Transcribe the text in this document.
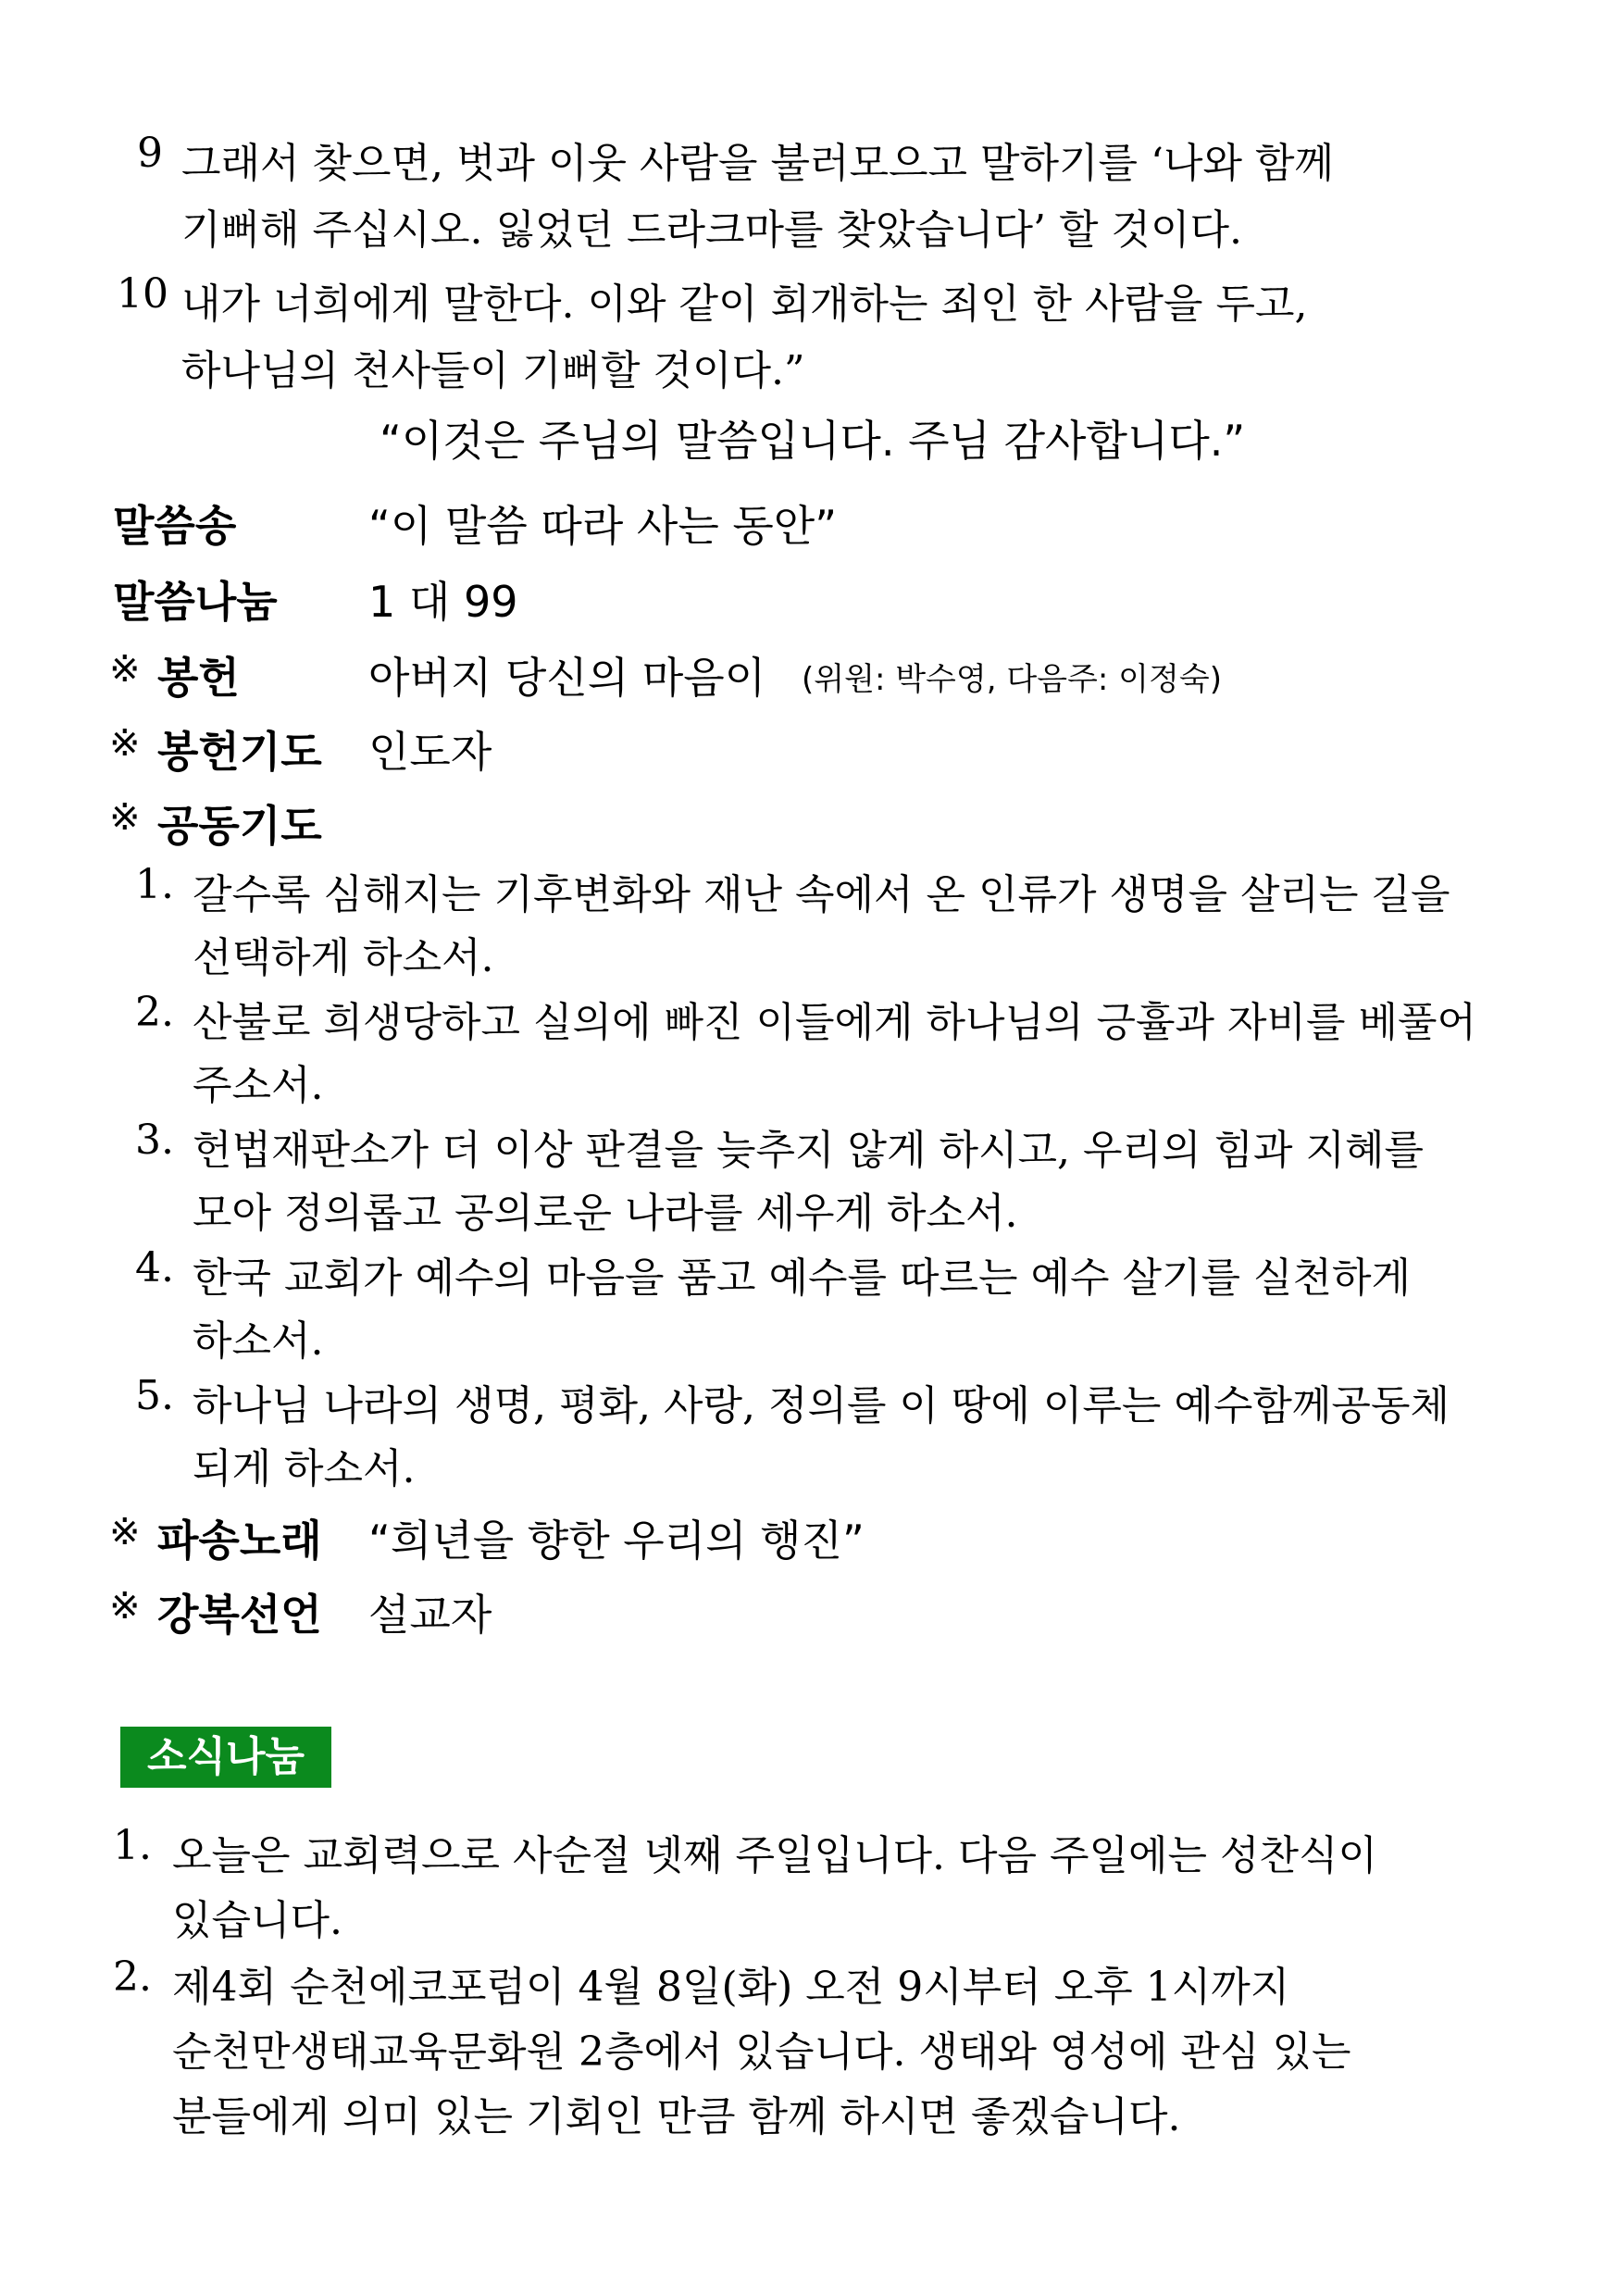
9 그래서 찾으면, 벗과 이웃 사람을 불러모으고 말하기를 ‘나와 함께
기뻐해 주십시오. 잃었던 드라크마를 찾았습니다’ 할 것이다.
10 내가 너희에게 말한다. 이와 같이 회개하는 죄인 한 사람을 두고,
하나님의 천사들이 기뻐할 것이다.”
“이것은 주님의 말씀입니다. 주님 감사합니다.”
말씀송	“이 말씀 따라 사는 동안”
말씀나눔 1 대 99
※ 봉헌	아버지 당신의 마음이 (위원: 박수영, 다음주: 이정숙)
※ 봉헌기도 인도자
※ 공동기도
1. 갈수록 심해지는 기후변화와 재난 속에서 온 인류가 생명을 살리는 길을
선택하게 하소서.
2. 산불로 희생당하고 실의에 빠진 이들에게 하나님의 긍휼과 자비를 베풀어
주소서.
3. 헌법재판소가 더 이상 판결을 늦추지 않게 하시고, 우리의 힘과 지혜를
모아 정의롭고 공의로운 나라를 세우게 하소서.
4. 한국 교회가 예수의 마음을 품고 예수를 따르는 예수 살기를 실천하게
하소서.
5. 하나님 나라의 생명, 평화, 사랑, 정의를 이 땅에 이루는 예수함께공동체
되게 하소서.
※ 파송노래 “희년을 향한 우리의 행진”
※ 강복선언 설교자
소식나눔
1. 오늘은 교회력으로 사순절 넷째 주일입니다. 다음 주일에는 성찬식이
있습니다.
2. 제4회 순천에코포럼이 4월 8일(화) 오전 9시부터 오후 1시까지
순천만생태교육문화원 2층에서 있습니다. 생태와 영성에 관심 있는
분들에게 의미 있는 기회인 만큼 함께 하시면 좋겠습니다.
